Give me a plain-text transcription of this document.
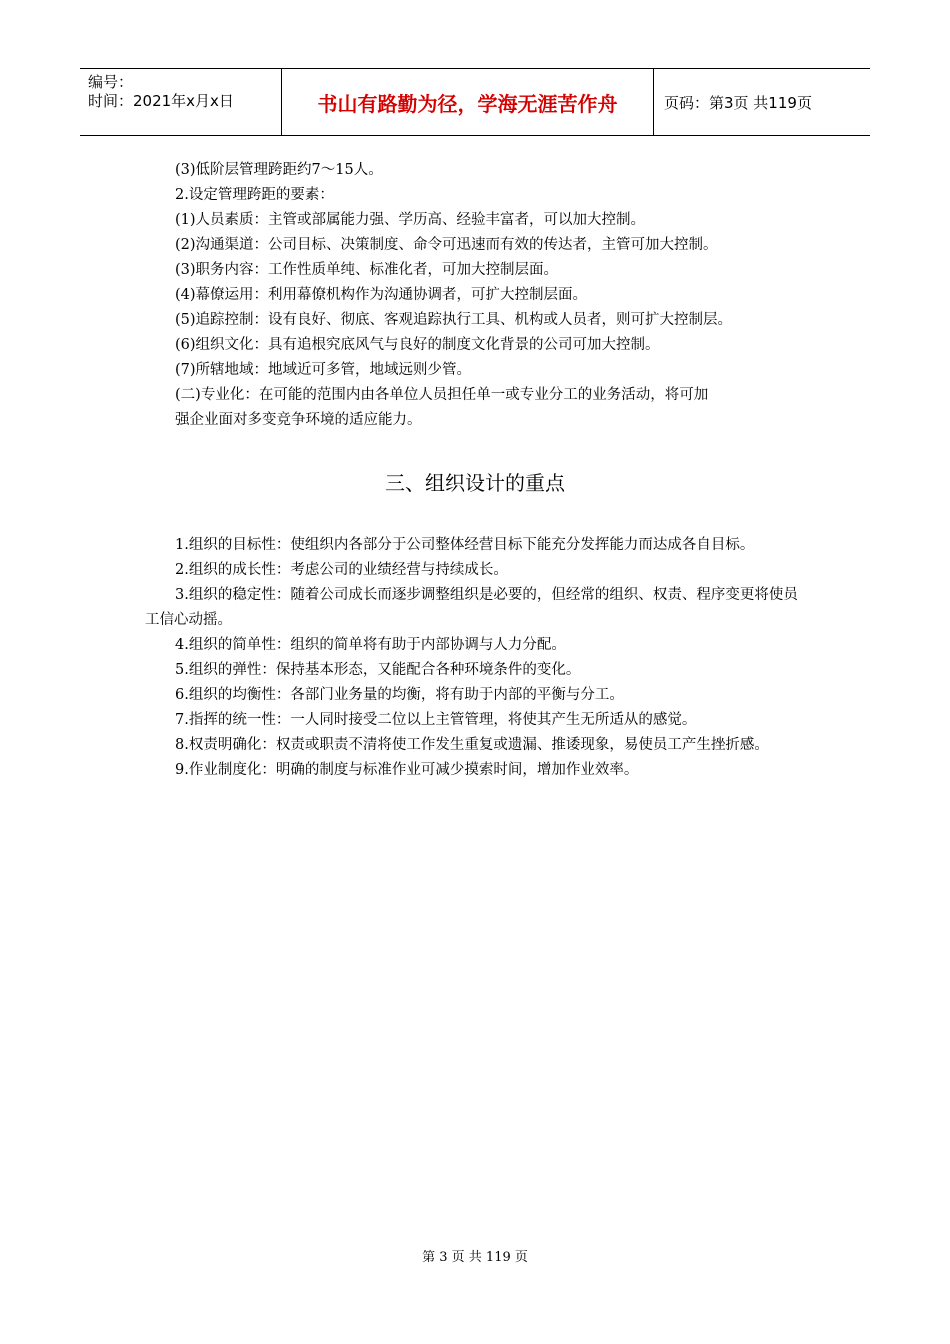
编号：
时间：2021年x月x日	书山有路勤为径，学海无涯苦作舟	页码：第3页 共119页
(3)低阶层管理跨距约7～15人。
2.设定管理跨距的要素：
(1)人员素质：主管或部属能力强、学历高、经验丰富者，可以加大控制。
(2)沟通渠道：公司目标、决策制度、命令可迅速而有效的传达者，主管可加大控制。
(3)职务内容：工作性质单纯、标准化者，可加大控制层面。
(4)幕僚运用：利用幕僚机构作为沟通协调者，可扩大控制层面。
(5)追踪控制：设有良好、彻底、客观追踪执行工具、机构或人员者，则可扩大控制层。
(6)组织文化：具有追根究底风气与良好的制度文化背景的公司可加大控制。
(7)所辖地域：地域近可多管，地域远则少管。
(二)专业化：在可能的范围内由各单位人员担任单一或专业分工的业务活动，将可加
强企业面对多变竞争环境的适应能力。
三、组织设计的重点
1.组织的目标性：使组织内各部分于公司整体经营目标下能充分发挥能力而达成各自目标。
2.组织的成长性：考虑公司的业绩经营与持续成长。
3.组织的稳定性：随着公司成长而逐步调整组织是必要的，但经常的组织、权责、程序变更将使员工信心动摇。
4.组织的简单性：组织的简单将有助于内部协调与人力分配。
5.组织的弹性：保持基本形态，又能配合各种环境条件的变化。
6.组织的均衡性：各部门业务量的均衡，将有助于内部的平衡与分工。
7.指挥的统一性：一人同时接受二位以上主管管理，将使其产生无所适从的感觉。
8.权责明确化：权责或职责不清将使工作发生重复或遗漏、推诿现象，易使员工产生挫折感。
9.作业制度化：明确的制度与标准作业可减少摸索时间，增加作业效率。
第 3 页 共 119 页
